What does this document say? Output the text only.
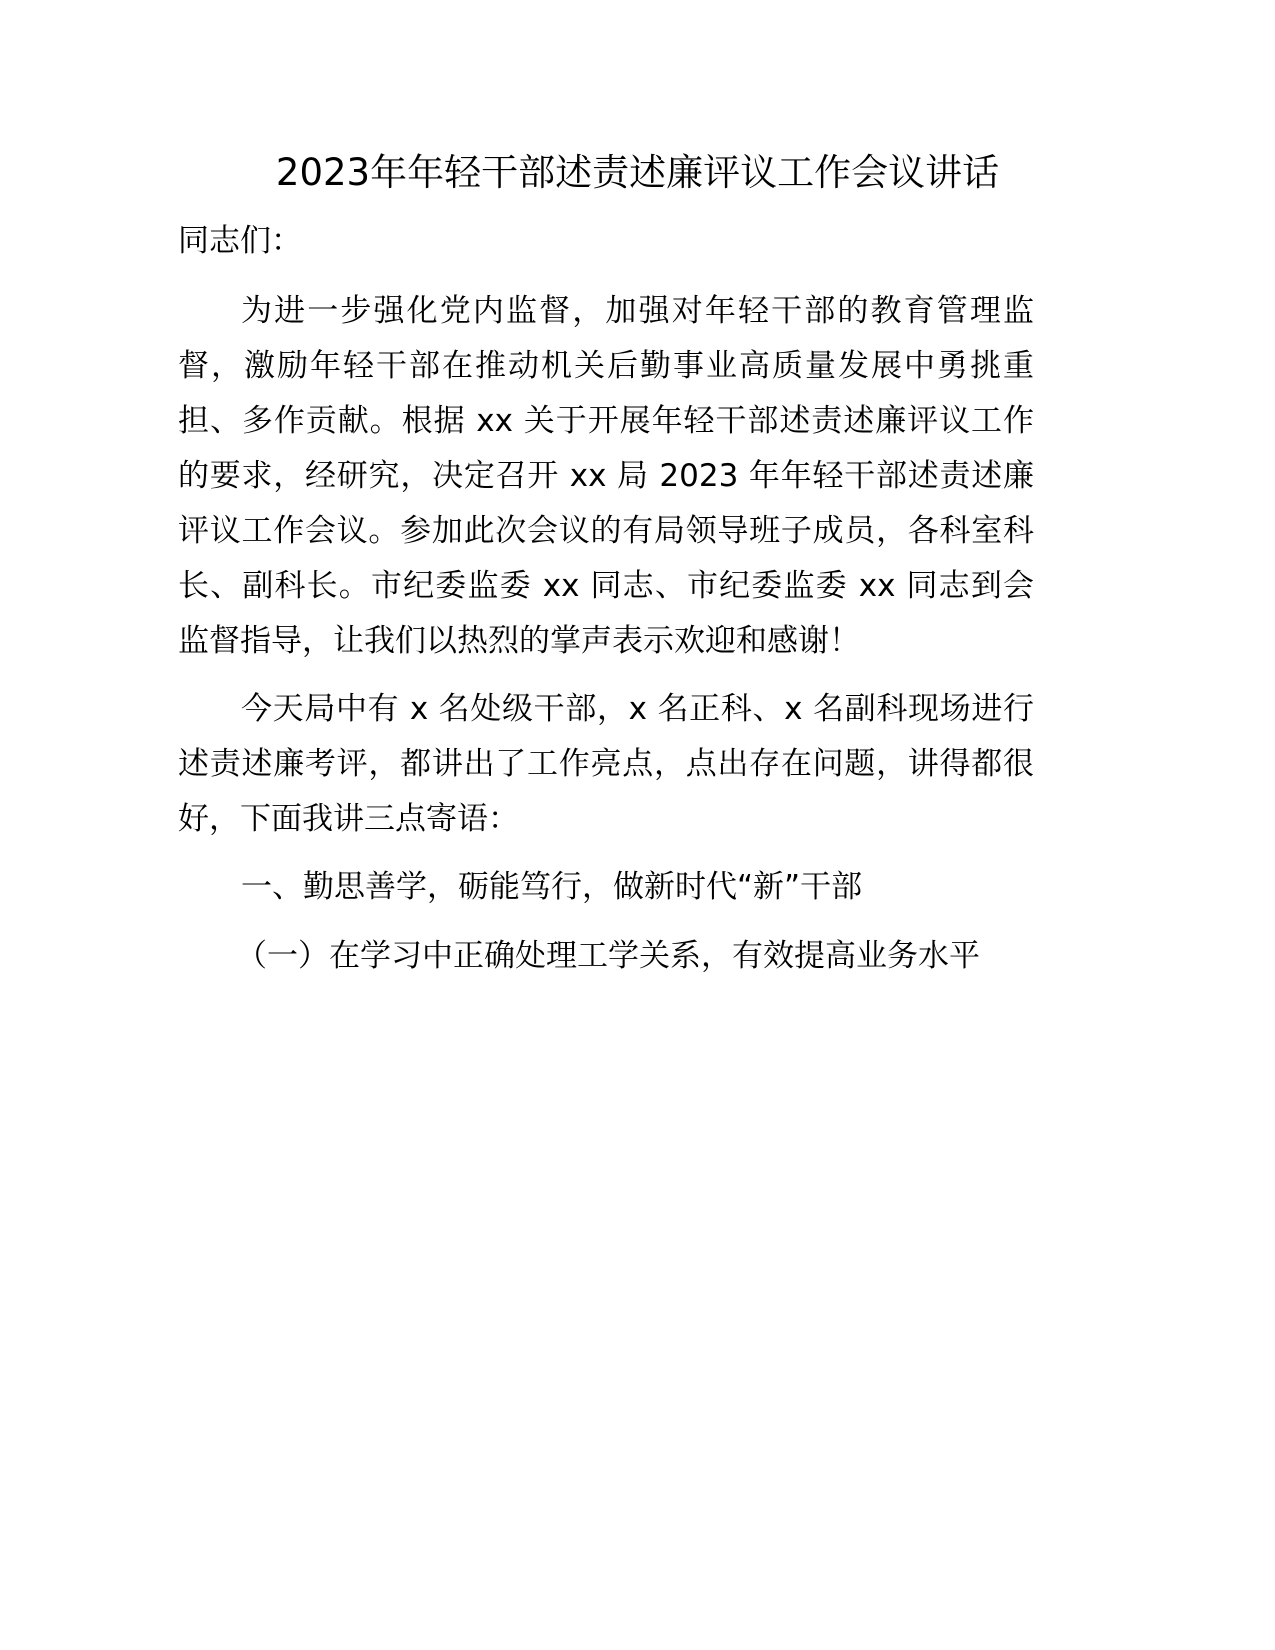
2023年年轻干部述责述廉评议工作会议讲话
同志们：
为进一步强化党内监督，加强对年轻干部的教育管理监
督，激励年轻干部在推动机关后勤事业高质量发展中勇挑重
担、多作贡献。根据 xx 关于开展年轻干部述责述廉评议工作
的要求，经研究，决定召开 xx 局 2023 年年轻干部述责述廉
评议工作会议。参加此次会议的有局领导班子成员，各科室科
长、副科长。市纪委监委 xx 同志、市纪委监委 xx 同志到会
监督指导，让我们以热烈的掌声表示欢迎和感谢！
今天局中有 x 名处级干部，x 名正科、x 名副科现场进行
述责述廉考评，都讲出了工作亮点，点出存在问题，讲得都很
好，下面我讲三点寄语：
一、勤思善学，砺能笃行，做新时代“新”干部
（一）在学习中正确处理工学关系，有效提高业务水平
